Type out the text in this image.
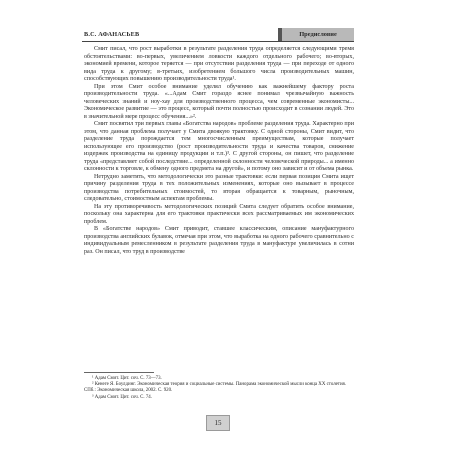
В.С. АФАНАСЬЕВ	Предисловие

Смит писал, что рост выработки в результате разделения труда определяется следующими тремя обстоятельствами: во-первых, увеличением ловкости каждого отдельного рабочего; во-вторых, экономией времени, которое теряется — при отсутствии разделения труда — при переходе от одного вида труда к другому; в-третьих, изобретением большого числа производительных машин, способствующих повышению производительности труда¹.

При этом Смит особое внимание уделял обучению как важнейшему фактору роста производительности труда. «...Адам Смит гораздо яснее понимал чрезвычайную важность человеческих знаний и ноу-хау для производственного процесса, чем современные экономисты... Экономическое развитие — это процесс, который почти полностью происходит в сознании людей. Это в значительной мере процесс обучения...»².

Смит посвятил три первых главы «Богатства народов» проблеме разделения труда. Характерно при этом, что данная проблема получает у Смита двоякую трактовку. С одной стороны, Смит видит, что разделение труда порождается тем многосчисленным преимуществам, которые получает использующее его производство (рост производительности труда и качества товаров, снижение издержек производства на единицу продукции и т.п.)³. С другой стороны, он пишет, что разделение труда «представляет собой последствие... определенной склонности человеческой природы... а именно склонности к торговле, к обмену одного предмета на другой», и потому оно зависит и от объема рынка.

Нетрудно заметить, что методологически это разные трактовки: если первая позиция Смита ищет причину разделения труда в тех положительных изменениях, которые оно вызывает в процессе производства потребительных стоимостей, то вторая обращается к товарным, рыночным, следовательно, стоимостным аспектам проблемы.

На эту противоречивость методологических позиций Смита следует обратить особое внимание, поскольку она характерна для его трактовки практически всех рассматриваемых им экономических проблем.

В «Богатстве народов» Смит приводит, ставшее классическим, описание мануфактурного производства английских булавок, отмечая при этом, что выработка на одного рабочего сравнительно с индивидуальным ремесленником в результате разделения труда в мануфактуре увеличилась в сотни раз. Он писал, что труд в производстве

¹ Адам Смит. Цит. соч. С. 73—73.
² Кенеге Я. Боулдинг. Экономическая теория и социальные системы. Панорама экономической мысли конца XX столетия. СПб.: Экономическая школа, 2002. С. 920.
³ Адам Смит. Цит. соч. С. 74.
15
